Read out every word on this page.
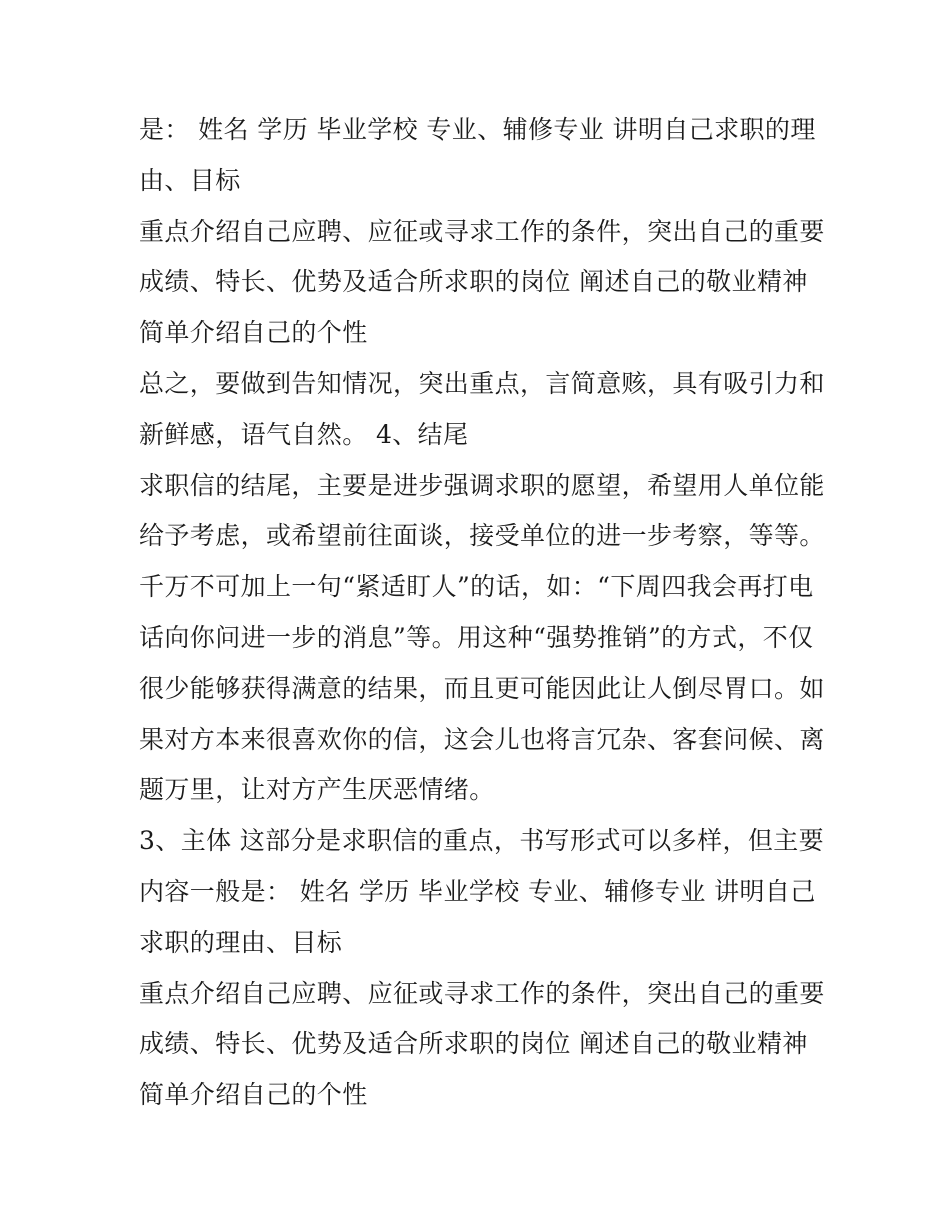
是： 姓名 学历 毕业学校 专业、辅修专业 讲明自己求职的理
由、目标
重点介绍自己应聘、应征或寻求工作的条件，突出自己的重要
成绩、特长、优势及适合所求职的岗位 阐述自己的敬业精神
简单介绍自己的个性
总之，要做到告知情况，突出重点，言简意赅，具有吸引力和
新鲜感，语气自然。 4、结尾
求职信的结尾，主要是进步强调求职的愿望，希望用人单位能
给予考虑，或希望前往面谈，接受单位的进一步考察，等等。
千万不可加上一句“紧适盯人”的话，如：“下周四我会再打电
话向你问进一步的消息”等。用这种“强势推销”的方式，不仅
很少能够获得满意的结果，而且更可能因此让人倒尽胃口。如
果对方本来很喜欢你的信，这会儿也将言冗杂、客套问候、离
题万里，让对方产生厌恶情绪。
3、主体 这部分是求职信的重点，书写形式可以多样，但主要
内容一般是： 姓名 学历 毕业学校 专业、辅修专业 讲明自己
求职的理由、目标
重点介绍自己应聘、应征或寻求工作的条件，突出自己的重要
成绩、特长、优势及适合所求职的岗位 阐述自己的敬业精神
简单介绍自己的个性
